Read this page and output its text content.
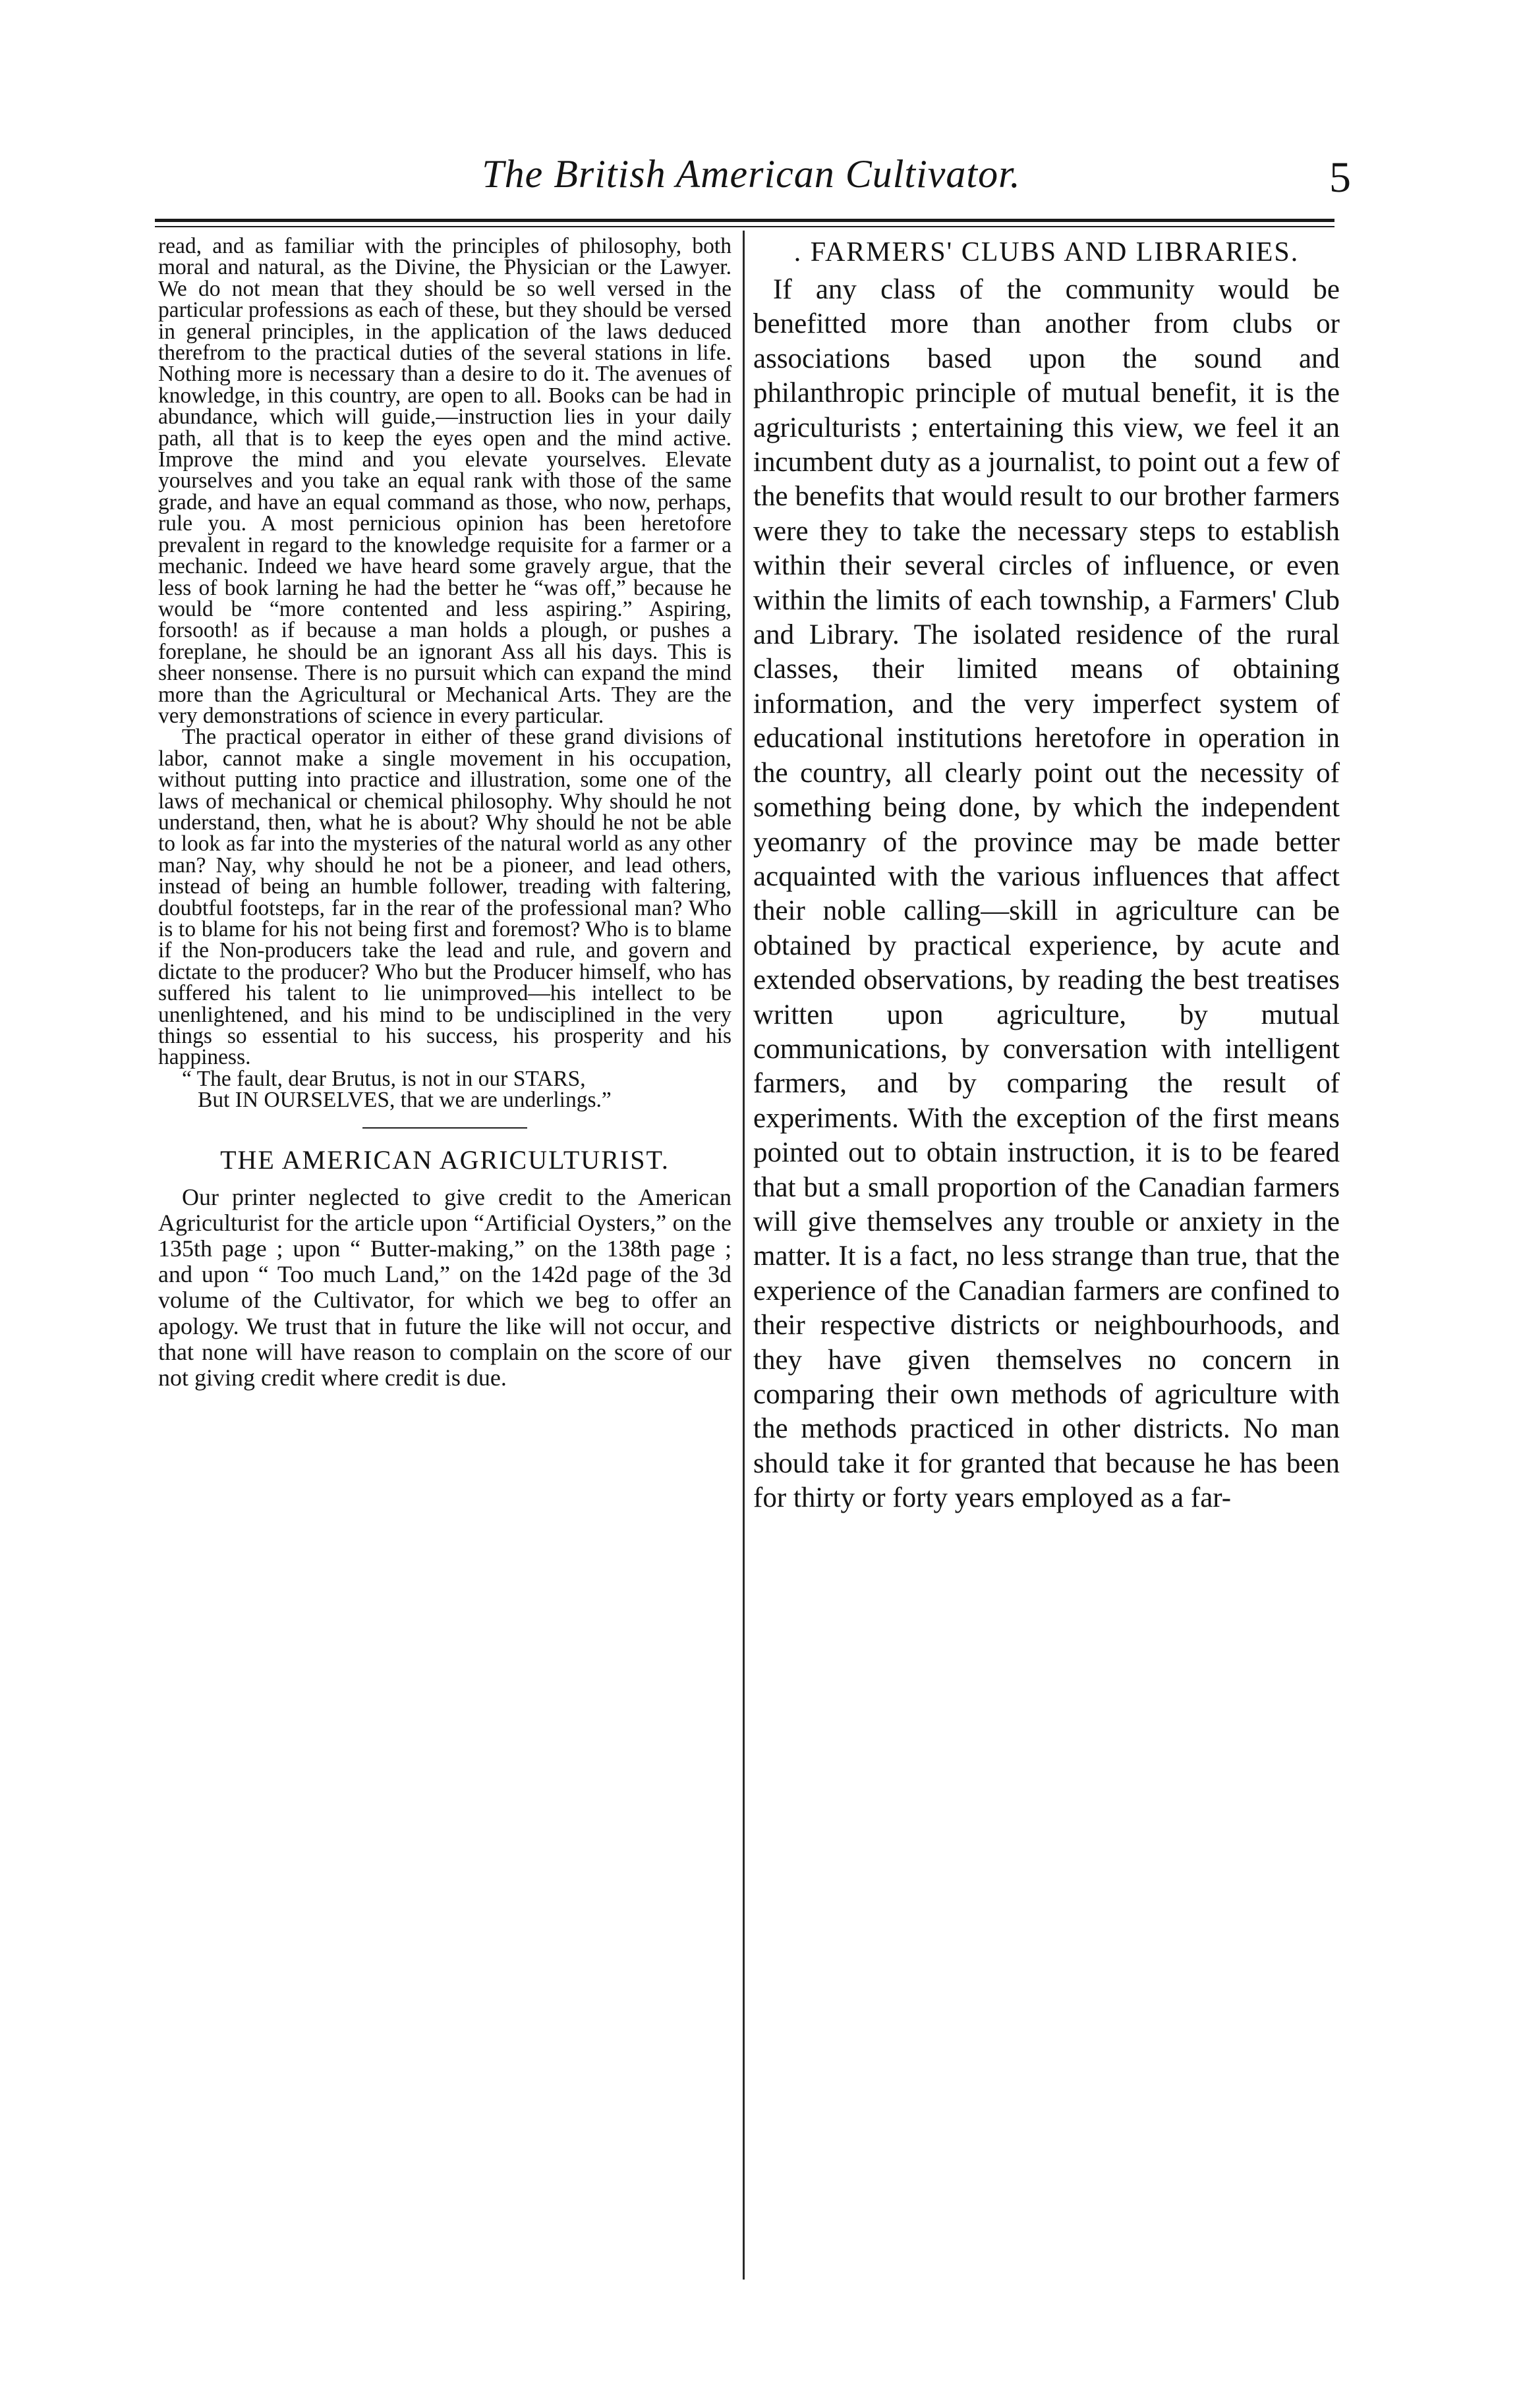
The British American Cultivator.	5

read, and as familiar with the principles of philosophy, both moral and natural, as the Divine, the Physician or the Lawyer. We do not mean that they should be so well versed in the particular professions as each of these, but they should be versed in general principles, in the application of the laws deduced therefrom to the practical duties of the several stations in life. Nothing more is necessary than a desire to do it. The avenues of knowledge, in this country, are open to all. Books can be had in abundance, which will guide,—instruction lies in your daily path, all that is to keep the eyes open and the mind active. Improve the mind and you elevate yourselves. Elevate yourselves and you take an equal rank with those of the same grade, and have an equal command as those, who now, perhaps, rule you. A most pernicious opinion has been heretofore prevalent in regard to the knowledge requisite for a farmer or a mechanic. Indeed we have heard some gravely argue, that the less of book larning he had the better he “was off,” because he would be “more contented and less aspiring.” Aspiring, forsooth! as if because a man holds a plough, or pushes a foreplane, he should be an ignorant Ass all his days. This is sheer nonsense. There is no pursuit which can expand the mind more than the Agricultural or Mechanical Arts. They are the very demonstrations of science in every particular.

The practical operator in either of these grand divisions of labor, cannot make a single movement in his occupation, without putting into practice and illustration, some one of the laws of mechanical or chemical philosophy. Why should he not understand, then, what he is about? Why should he not be able to look as far into the mysteries of the natural world as any other man? Nay, why should he not be a pioneer, and lead others, instead of being an humble follower, treading with faltering, doubtful footsteps, far in the rear of the professional man? Who is to blame for his not being first and foremost? Who is to blame if the Non-producers take the lead and rule, and govern and dictate to the producer? Who but the Producer himself, who has suffered his talent to lie unimproved—his intellect to be unenlightened, and his mind to be undisciplined in the very things so essential to his success, his prosperity and his happiness.

“ The fault, dear Brutus, is not in our STARS,
But IN OURSELVES, that we are underlings.”
THE AMERICAN AGRICULTURIST.

Our printer neglected to give credit to the American Agriculturist for the article upon “Artificial Oysters,” on the 135th page ; upon “ Butter-making,” on the 138th page ; and upon “ Too much Land,” on the 142d page of the 3d volume of the Cultivator, for which we beg to offer an apology. We trust that in future the like will not occur, and that none will have reason to complain on the score of our not giving credit where credit is due.

. FARMERS' CLUBS AND LIBRARIES.

If any class of the community would be benefitted more than another from clubs or associations based upon the sound and philanthropic principle of mutual benefit, it is the agriculturists ; entertaining this view, we feel it an incumbent duty as a journalist, to point out a few of the benefits that would result to our brother farmers were they to take the necessary steps to establish within their several circles of influence, or even within the limits of each township, a Farmers' Club and Library. The isolated residence of the rural classes, their limited means of obtaining information, and the very imperfect system of educational institutions heretofore in operation in the country, all clearly point out the necessity of something being done, by which the independent yeomanry of the province may be made better acquainted with the various influences that affect their noble calling—skill in agriculture can be obtained by practical experience, by acute and extended observations, by reading the best treatises written upon agriculture, by mutual communications, by conversation with intelligent farmers, and by comparing the result of experiments. With the exception of the first means pointed out to obtain instruction, it is to be feared that but a small proportion of the Canadian farmers will give themselves any trouble or anxiety in the matter. It is a fact, no less strange than true, that the experience of the Canadian farmers are confined to their respective districts or neighbourhoods, and they have given themselves no concern in comparing their own methods of agriculture with the methods practiced in other districts. No man should take it for granted that because he has been for thirty or forty years employed as a far-
